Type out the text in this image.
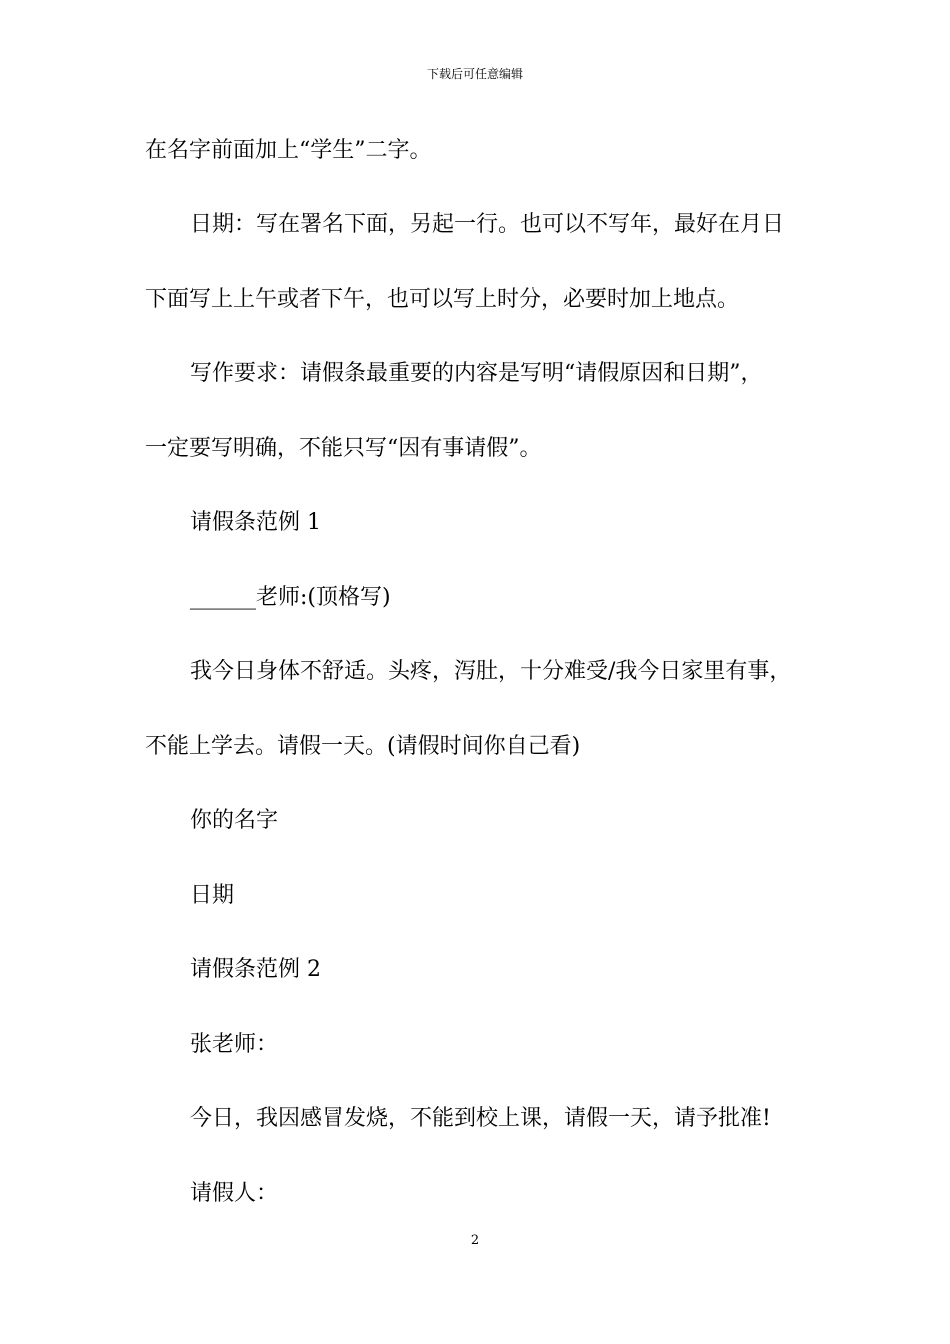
下载后可任意编辑
在名字前面加上“学生”二字。
日期：写在署名下面，另起一行。也可以不写年，最好在月日
下面写上上午或者下午，也可以写上时分，必要时加上地点。
写作要求：请假条最重要的内容是写明“请假原因和日期”，
一定要写明确，不能只写“因有事请假”。
请假条范例 1
______老师:(顶格写)
我今日身体不舒适。头疼，泻肚，十分难受/我今日家里有事，
不能上学去。请假一天。(请假时间你自己看)
你的名字
日期
请假条范例 2
张老师：
今日，我因感冒发烧，不能到校上课，请假一天，请予批准!
请假人：
2
